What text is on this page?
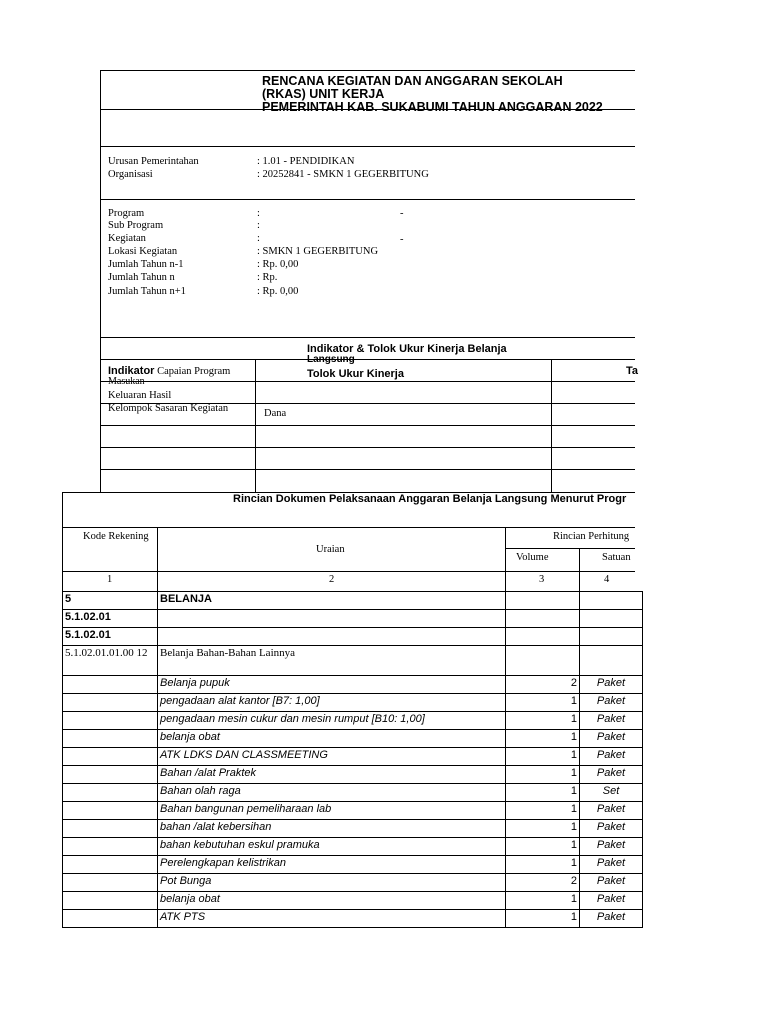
RENCANA KEGIATAN DAN ANGGARAN SEKOLAH
(RKAS) UNIT KERJA
PEMERINTAH KAB. SUKABUMI TAHUN ANGGARAN 2022
Urusan Pemerintahan	: 1.01 - PENDIDIKAN
Organisasi	: 20252841 - SMKN 1 GEGERBITUNG
Program	:	-
Sub Program	:
Kegiatan	:	-
Lokasi Kegiatan	: SMKN 1 GEGERBITUNG
Jumlah Tahun n-1	: Rp. 0,00
Jumlah Tahun n	: Rp.
Jumlah Tahun n+1	: Rp. 0,00
Indikator & Tolok Ukur Kinerja Belanja
Langsung
Indikator Capaian Program
Masukan
Keluaran Hasil
Kelompok Sasaran Kegiatan
Tolok Ukur Kinerja	Ta
Dana
Rincian Dokumen Pelaksanaan Anggaran Belanja Langsung Menurut Progr
Kode Rekening
Uraian
Rincian Perhitung
Volume	Satuan
1	2	3	4
5	BELANJA		
5.1.02.01			
5.1.02.01			
5.1.02.01.01.00 12	Belanja Bahan-Bahan Lainnya		
	Belanja pupuk	2	Paket
	pengadaan alat kantor [B7: 1,00]	1	Paket
	pengadaan mesin cukur dan mesin rumput [B10: 1,00]	1	Paket
	belanja obat	1	Paket
	ATK LDKS DAN CLASSMEETING	1	Paket
	Bahan /alat Praktek	1	Paket
	Bahan olah raga	1	Set
	Bahan bangunan pemeliharaan lab	1	Paket
	bahan /alat kebersihan	1	Paket
	bahan kebutuhan eskul pramuka	1	Paket
	Perelengkapan kelistrikan	1	Paket
	Pot Bunga	2	Paket
	belanja obat	1	Paket
	ATK PTS	1	Paket
